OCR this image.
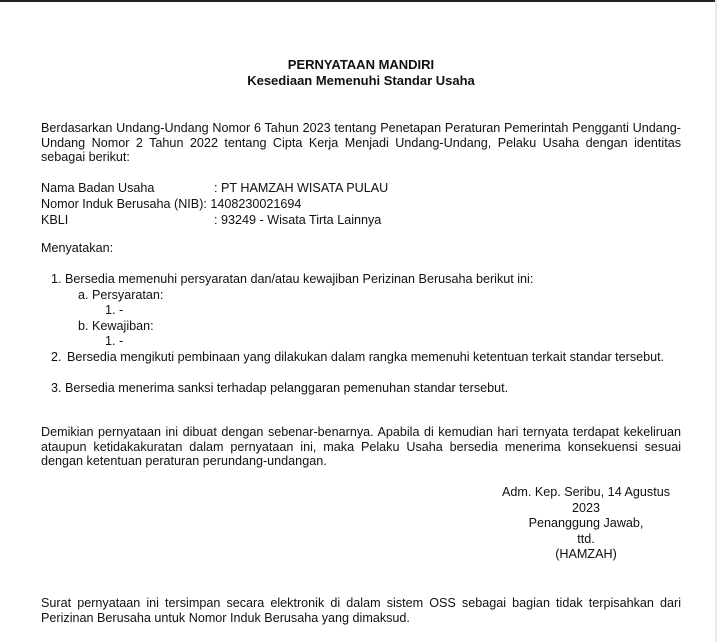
PERNYATAAN MANDIRI
Kesediaan Memenuhi Standar Usaha
Berdasarkan Undang-Undang Nomor 6 Tahun 2023 tentang Penetapan Peraturan Pemerintah Pengganti Undang-Undang Nomor 2 Tahun 2022 tentang Cipta Kerja Menjadi Undang-Undang, Pelaku Usaha dengan identitas sebagai berikut:
Nama Badan Usaha	: PT HAMZAH WISATA PULAU
Nomor Induk Berusaha (NIB): 1408230021694
KBLI	: 93249 - Wisata Tirta Lainnya
Menyatakan:
1. Bersedia memenuhi persyaratan dan/atau kewajiban Perizinan Berusaha berikut ini:
a. Persyaratan:
1. -
b. Kewajiban:
1. -
2. Bersedia mengikuti pembinaan yang dilakukan dalam rangka memenuhi ketentuan terkait standar tersebut.
3. Bersedia menerima sanksi terhadap pelanggaran pemenuhan standar tersebut.
Demikian pernyataan ini dibuat dengan sebenar-benarnya. Apabila di kemudian hari ternyata terdapat kekeliruan ataupun ketidakakuratan dalam pernyataan ini, maka Pelaku Usaha bersedia menerima konsekuensi sesuai dengan ketentuan peraturan perundang-undangan.
Adm. Kep. Seribu, 14 Agustus
2023
Penanggung Jawab,
ttd.
(HAMZAH)
Surat pernyataan ini tersimpan secara elektronik di dalam sistem OSS sebagai bagian tidak terpisahkan dari Perizinan Berusaha untuk Nomor Induk Berusaha yang dimaksud.
